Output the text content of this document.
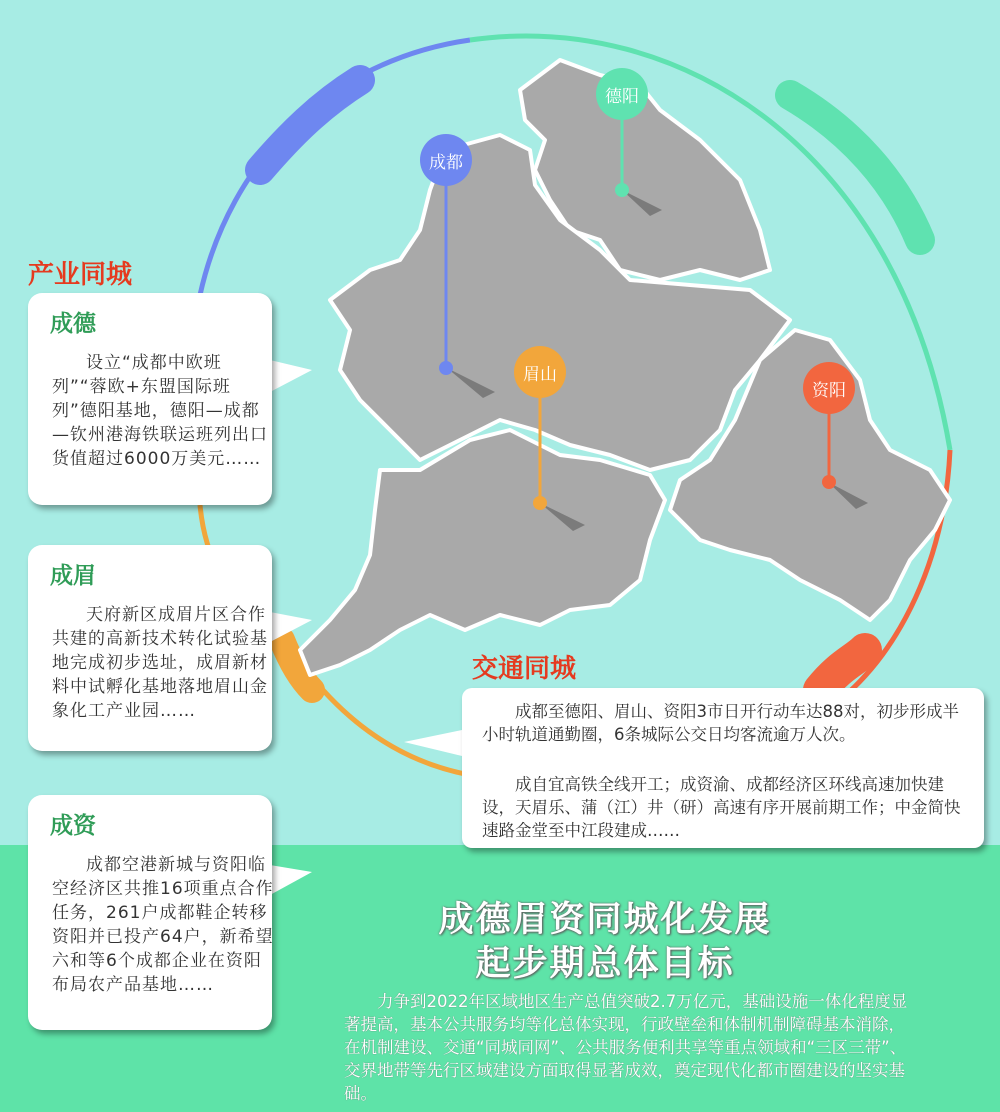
成都
德阳
眉山
资阳
产业同城
交通同城
成德
设立“成都中欧班列”“蓉欧+东盟国际班列”德阳基地，德阳—成都—钦州港海铁联运班列出口货值超过6000万美元……
成眉
天府新区成眉片区合作共建的高新技术转化试验基地完成初步选址，成眉新材料中试孵化基地落地眉山金象化工产业园……
成资
成都空港新城与资阳临空经济区共推16项重点合作任务，261户成都鞋企转移资阳并已投产64户，新希望六和等6个成都企业在资阳布局农产品基地……

成都至德阳、眉山、资阳3市日开行动车达88对，初步形成半小时轨道通勤圈，6条城际公交日均客流逾万人次。

成自宜高铁全线开工；成资渝、成都经济区环线高速加快建设，天眉乐、蒲（江）井（研）高速有序开展前期工作；中金简快速路金堂至中江段建成……

成德眉资同城化发展
起步期总体目标
力争到2022年区域地区生产总值突破2.7万亿元，基础设施一体化程度显著提高，基本公共服务均等化总体实现，行政壁垒和体制机制障碍基本消除，在机制建设、交通“同城同网”、公共服务便利共享等重点领域和“三区三带”、交界地带等先行区域建设方面取得显著成效，奠定现代化都市圈建设的坚实基础。
